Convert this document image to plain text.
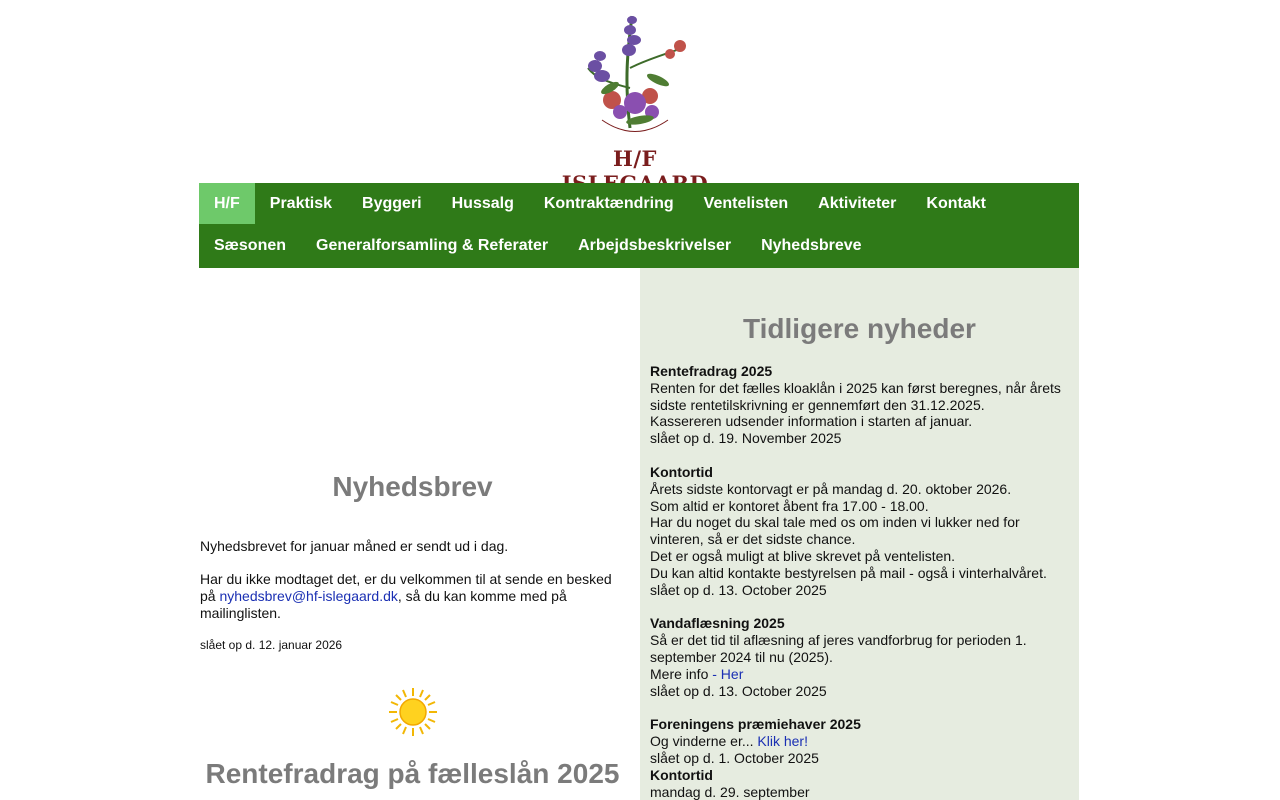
H/F
H/F	Praktisk	Byggeri	Hussalg	Kontraktændring	Ventelisten	Aktiviteter	Kontakt
Sæsonen	Generalforsamling & Referater	Arbejdsbeskrivelser	Nyhedsbreve
Nyhedsbrev
Nyhedsbrevet for januar måned er sendt ud i dag.
Har du ikke modtaget det, er du velkommen til at sende en besked på nyhedsbrev@hf-islegaard.dk, så du kan komme med på mailinglisten.
slået op d. 12. januar 2026
Rentefradrag på fælleslån 2025
Tidligere nyheder
Rentefradrag 2025
Renten for det fælles kloaklån i 2025 kan først beregnes, når årets sidste rentetilskrivning er gennemført den 31.12.2025.
Kassereren udsender information i starten af januar.
slået op d. 19. November 2025
Kontortid
Årets sidste kontorvagt er på mandag d. 20. oktober 2026.
Som altid er kontoret åbent fra 17.00 - 18.00.
Har du noget du skal tale med os om inden vi lukker ned for vinteren, så er det sidste chance.
Det er også muligt at blive skrevet på ventelisten.
Du kan altid kontakte bestyrelsen på mail - også i vinterhalvåret.
slået op d. 13. October 2025
Vandaflæsning 2025
Så er det tid til aflæsning af jeres vandforbrug for perioden 1. september 2024 til nu (2025).
Mere info - Her
slået op d. 13. October 2025
Foreningens præmiehaver 2025
Og vinderne er... Klik her!
slået op d. 1. October 2025
Kontortid
mandag d. 29. september
